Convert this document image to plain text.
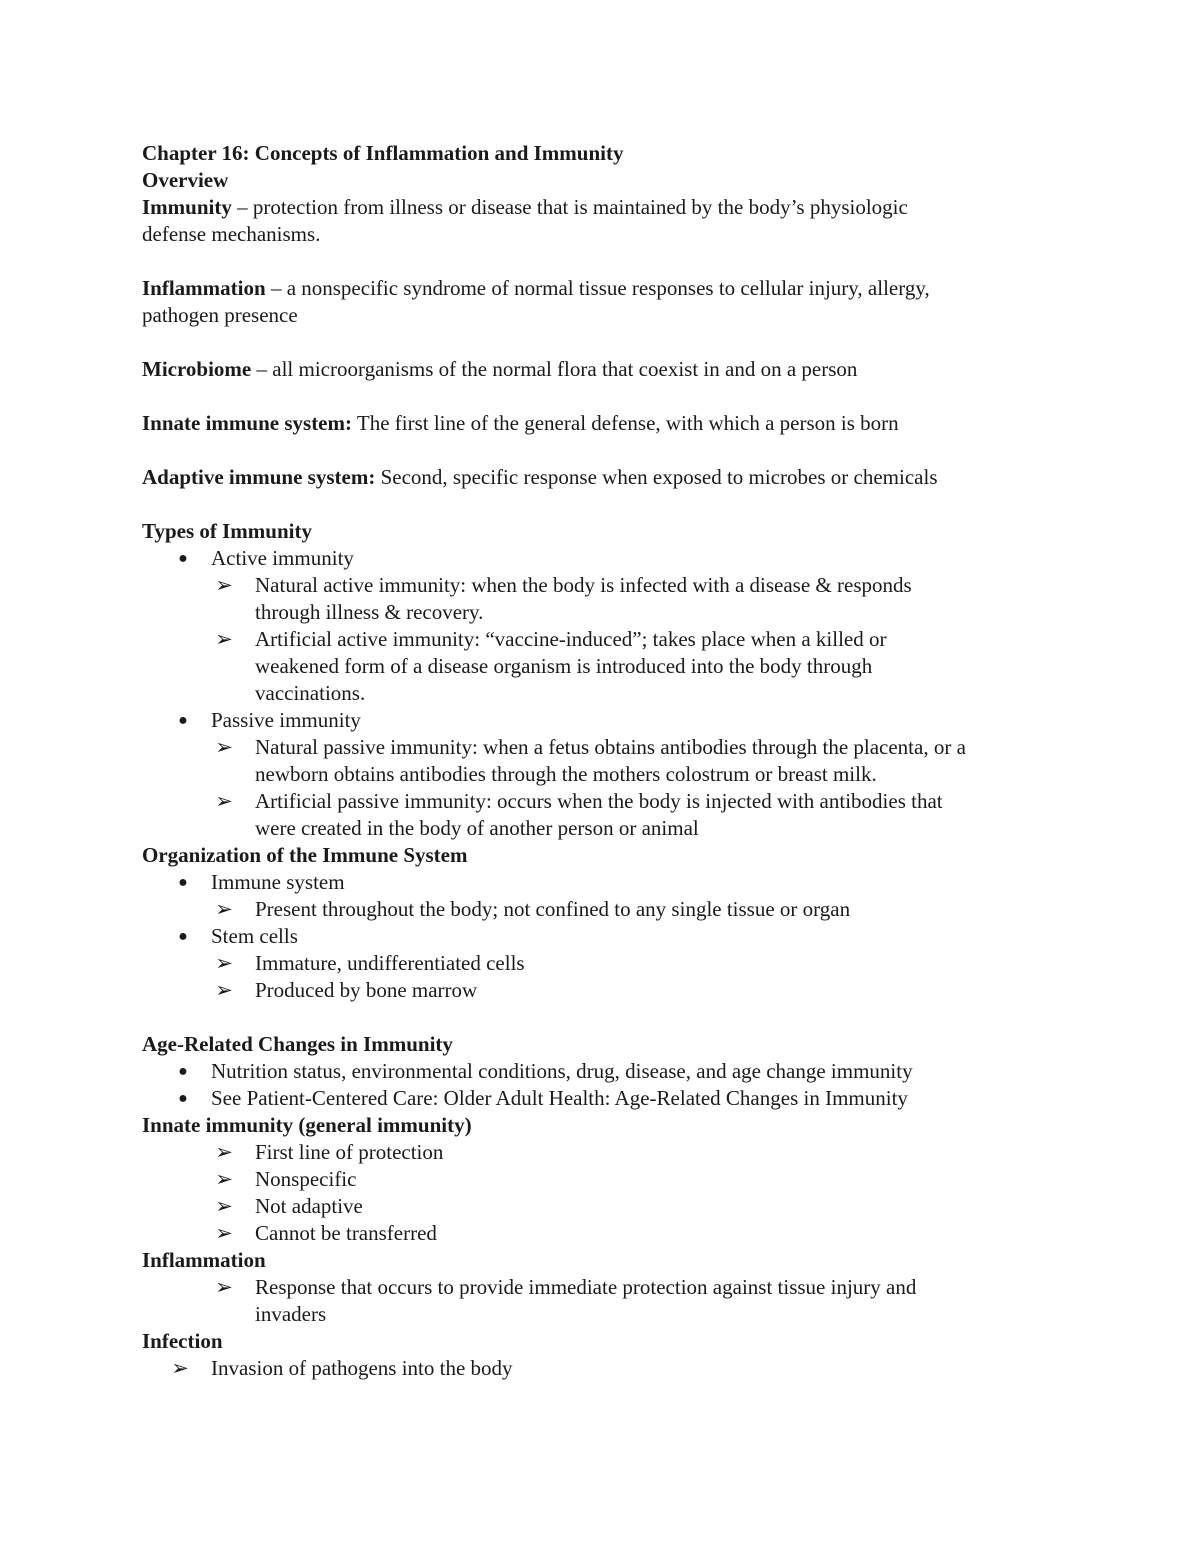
Chapter 16: Concepts of Inflammation and Immunity
Overview
Immunity – protection from illness or disease that is maintained by the body’s physiologic
defense mechanisms.
Inflammation – a nonspecific syndrome of normal tissue responses to cellular injury, allergy,
pathogen presence
Microbiome – all microorganisms of the normal flora that coexist in and on a person
Innate immune system: The first line of the general defense, with which a person is born
Adaptive immune system: Second, specific response when exposed to microbes or chemicals
Types of Immunity
● Active immunity
➢ Natural active immunity: when the body is infected with a disease & responds
through illness & recovery.
➢ Artificial active immunity: “vaccine-induced”; takes place when a killed or
weakened form of a disease organism is introduced into the body through
vaccinations.
● Passive immunity
➢ Natural passive immunity: when a fetus obtains antibodies through the placenta, or a
newborn obtains antibodies through the mothers colostrum or breast milk.
➢ Artificial passive immunity: occurs when the body is injected with antibodies that
were created in the body of another person or animal
Organization of the Immune System
● Immune system
➢ Present throughout the body; not confined to any single tissue or organ
● Stem cells
➢ Immature, undifferentiated cells
➢ Produced by bone marrow
Age-Related Changes in Immunity
● Nutrition status, environmental conditions, drug, disease, and age change immunity
● See Patient-Centered Care: Older Adult Health: Age-Related Changes in Immunity
Innate immunity (general immunity)
➢ First line of protection
➢ Nonspecific
➢ Not adaptive
➢ Cannot be transferred
Inflammation
➢ Response that occurs to provide immediate protection against tissue injury and
invaders
Infection
➢ Invasion of pathogens into the body
